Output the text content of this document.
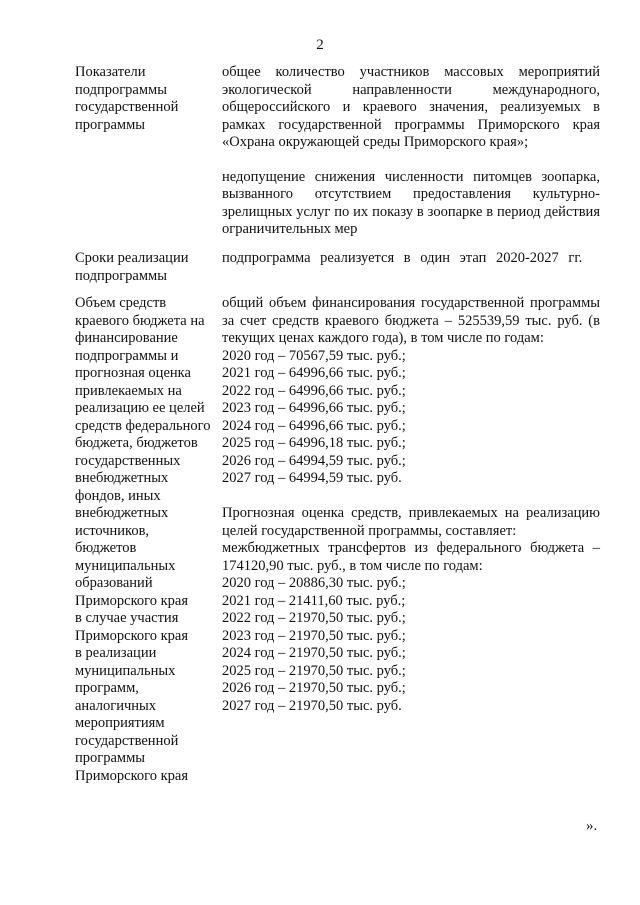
2
Показатели
подпрограммы
государственной
программы

общее количество участников массовых мероприятий экологической направленности международного, общероссийского и краевого значения, реализуемых в рамках государственной программы Приморского края «Охрана окружающей среды Приморского края»;

недопущение снижения численности питомцев зоопарка, вызванного отсутствием предоставления культурно-зрелищных услуг по их показу в зоопарке в период действия ограничительных мер

Сроки реализации
подпрограммы

подпрограмма реализуется в один этап 2020-2027 гг.

Объем средств
краевого бюджета на
финансирование
подпрограммы и
прогнозная оценка
привлекаемых на
реализацию ее целей
средств федерального
бюджета, бюджетов
государственных
внебюджетных
фондов, иных
внебюджетных
источников,
бюджетов
муниципальных
образований
Приморского края
в случае участия
Приморского края
в реализации
муниципальных
программ,
аналогичных
мероприятиям
государственной
программы
Приморского края

общий объем финансирования государственной программы за счет средств краевого бюджета – 525539,59 тыс. руб. (в текущих ценах каждого года), в том числе по годам:

2020 год – 70567,59 тыс. руб.;
2021 год – 64996,66 тыс. руб.;
2022 год – 64996,66 тыс. руб.;
2023 год – 64996,66 тыс. руб.;
2024 год – 64996,66 тыс. руб.;
2025 год – 64996,18 тыс. руб.;
2026 год – 64994,59 тыс. руб.;
2027 год – 64994,59 тыс. руб.

Прогнозная оценка средств, привлекаемых на реализацию целей государственной программы, составляет:

межбюджетных трансфертов из федерального бюджета – 174120,90 тыс. руб., в том числе по годам:

2020 год – 20886,30 тыс. руб.;
2021 год – 21411,60 тыс. руб.;
2022 год – 21970,50 тыс. руб.;
2023 год – 21970,50 тыс. руб.;
2024 год – 21970,50 тыс. руб.;
2025 год – 21970,50 тыс. руб.;
2026 год – 21970,50 тыс. руб.;
2027 год – 21970,50 тыс. руб.
».
